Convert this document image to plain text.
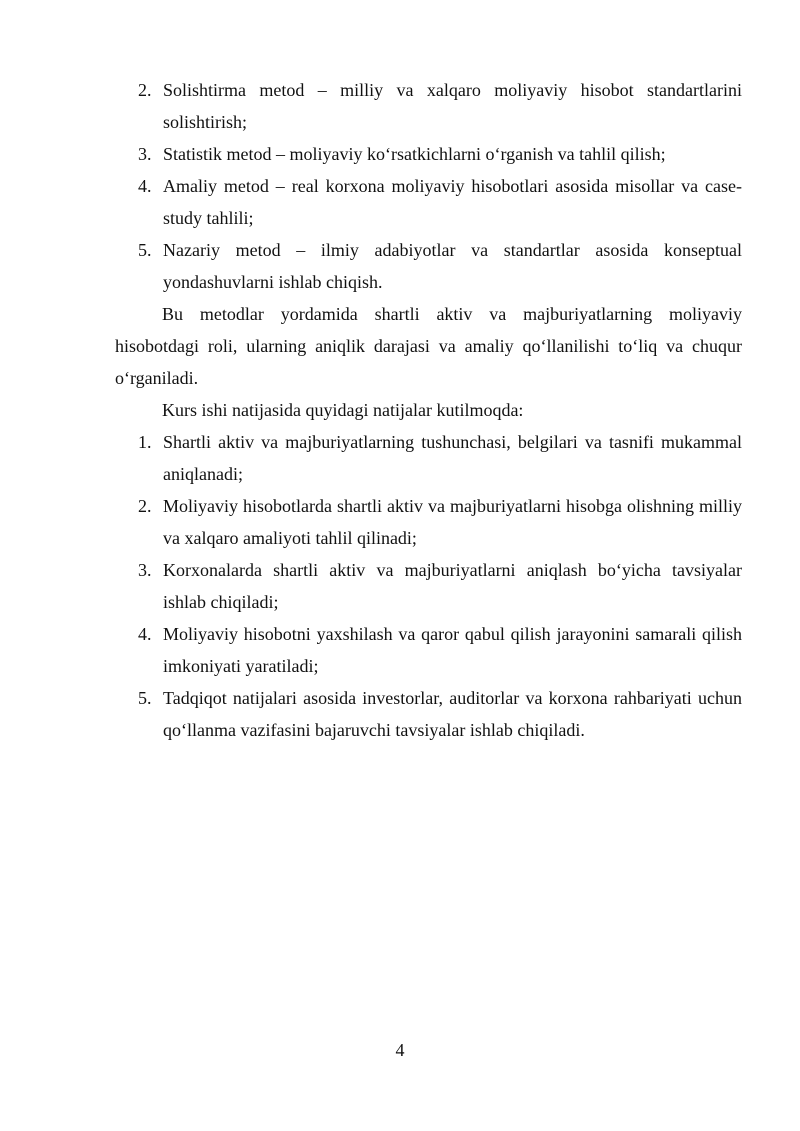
2. Solishtirma metod – milliy va xalqaro moliyaviy hisobot standartlarini solishtirish;
3. Statistik metod – moliyaviy koʻrsatkichlarni oʻrganish va tahlil qilish;
4. Amaliy metod – real korxona moliyaviy hisobotlari asosida misollar va case-study tahlili;
5. Nazariy metod – ilmiy adabiyotlar va standartlar asosida konseptual yondashuvlarni ishlab chiqish.
Bu metodlar yordamida shartli aktiv va majburiyatlarning moliyaviy hisobotdagi roli, ularning aniqlik darajasi va amaliy qoʻllanilishi toʻliq va chuqur oʻrganiladi.
Kurs ishi natijasida quyidagi natijalar kutilmoqda:
1. Shartli aktiv va majburiyatlarning tushunchasi, belgilari va tasnifi mukammal aniqlanadi;
2. Moliyaviy hisobotlarda shartli aktiv va majburiyatlarni hisobga olishning milliy va xalqaro amaliyoti tahlil qilinadi;
3. Korxonalarda shartli aktiv va majburiyatlarni aniqlash boʻyicha tavsiyalar ishlab chiqiladi;
4. Moliyaviy hisobotni yaxshilash va qaror qabul qilish jarayonini samarali qilish imkoniyati yaratiladi;
5. Tadqiqot natijalari asosida investorlar, auditorlar va korxona rahbariyati uchun qoʻllanma vazifasini bajaruvchi tavsiyalar ishlab chiqiladi.
4
